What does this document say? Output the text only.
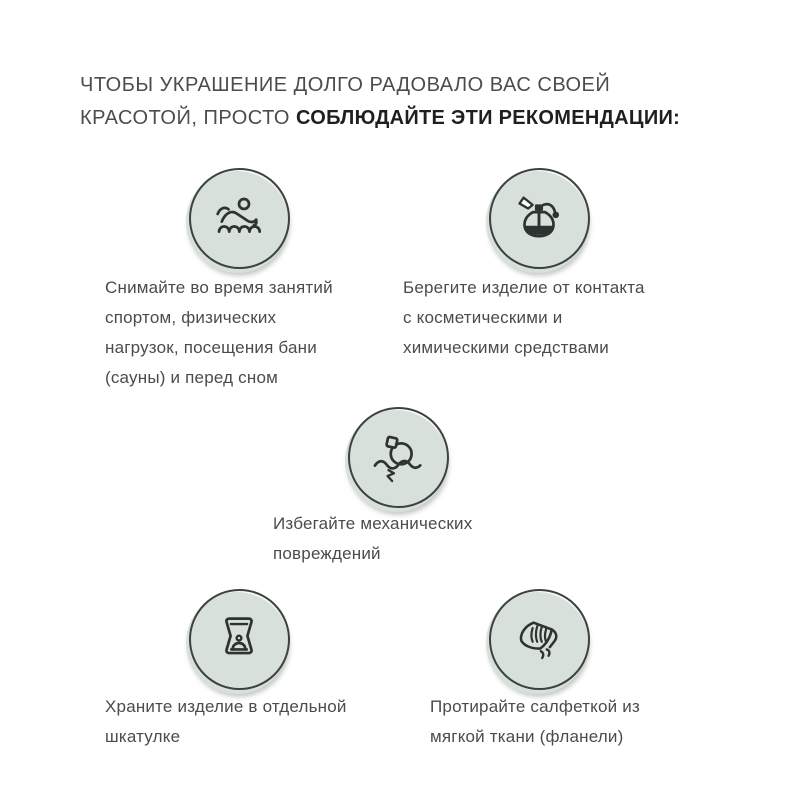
ЧТОБЫ УКРАШЕНИЕ ДОЛГО РАДОВАЛО ВАС СВОЕЙ
КРАСОТОЙ, ПРОСТО СОБЛЮДАЙТЕ ЭТИ РЕКОМЕНДАЦИИ:

Снимайте во время занятий
спортом, физических
нагрузок, посещения бани
(сауны) и перед сном

Берегите изделие от контакта
с косметическими и
химическими средствами

Избегайте механических
повреждений

Храните изделие в отдельной
шкатулке

Протирайте салфеткой из
мягкой ткани (фланели)
